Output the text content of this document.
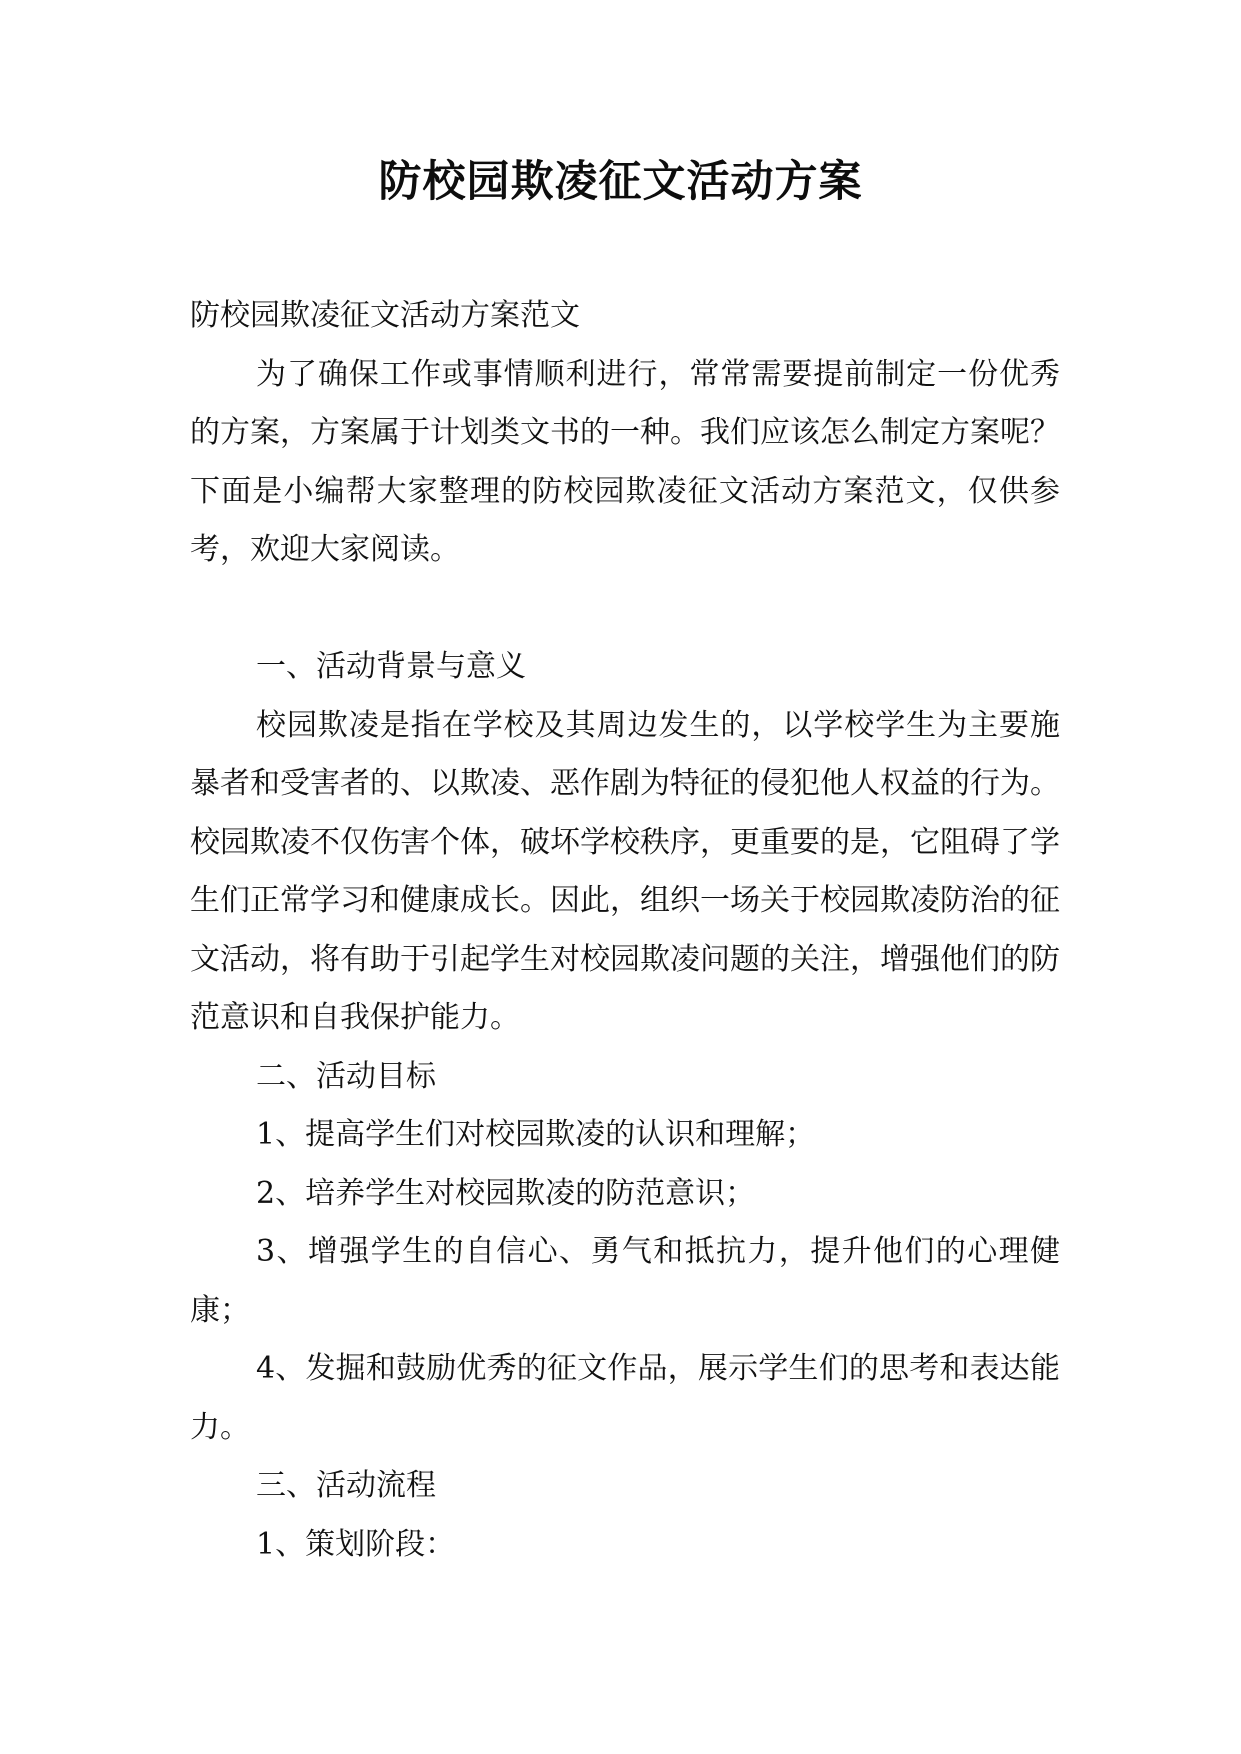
防校园欺凌征文活动方案

防校园欺凌征文活动方案范文

为了确保工作或事情顺利进行，常常需要提前制定一份优秀的方案，方案属于计划类文书的一种。我们应该怎么制定方案呢？下面是小编帮大家整理的防校园欺凌征文活动方案范文，仅供参考，欢迎大家阅读。

一、活动背景与意义

校园欺凌是指在学校及其周边发生的，以学校学生为主要施暴者和受害者的、以欺凌、恶作剧为特征的侵犯他人权益的行为。校园欺凌不仅伤害个体，破坏学校秩序，更重要的是，它阻碍了学生们正常学习和健康成长。因此，组织一场关于校园欺凌防治的征文活动，将有助于引起学生对校园欺凌问题的关注，增强他们的防范意识和自我保护能力。

二、活动目标

1、提高学生们对校园欺凌的认识和理解；

2、培养学生对校园欺凌的防范意识；

3、增强学生的自信心、勇气和抵抗力，提升他们的心理健康；

4、发掘和鼓励优秀的征文作品，展示学生们的思考和表达能力。

三、活动流程

1、策划阶段：
